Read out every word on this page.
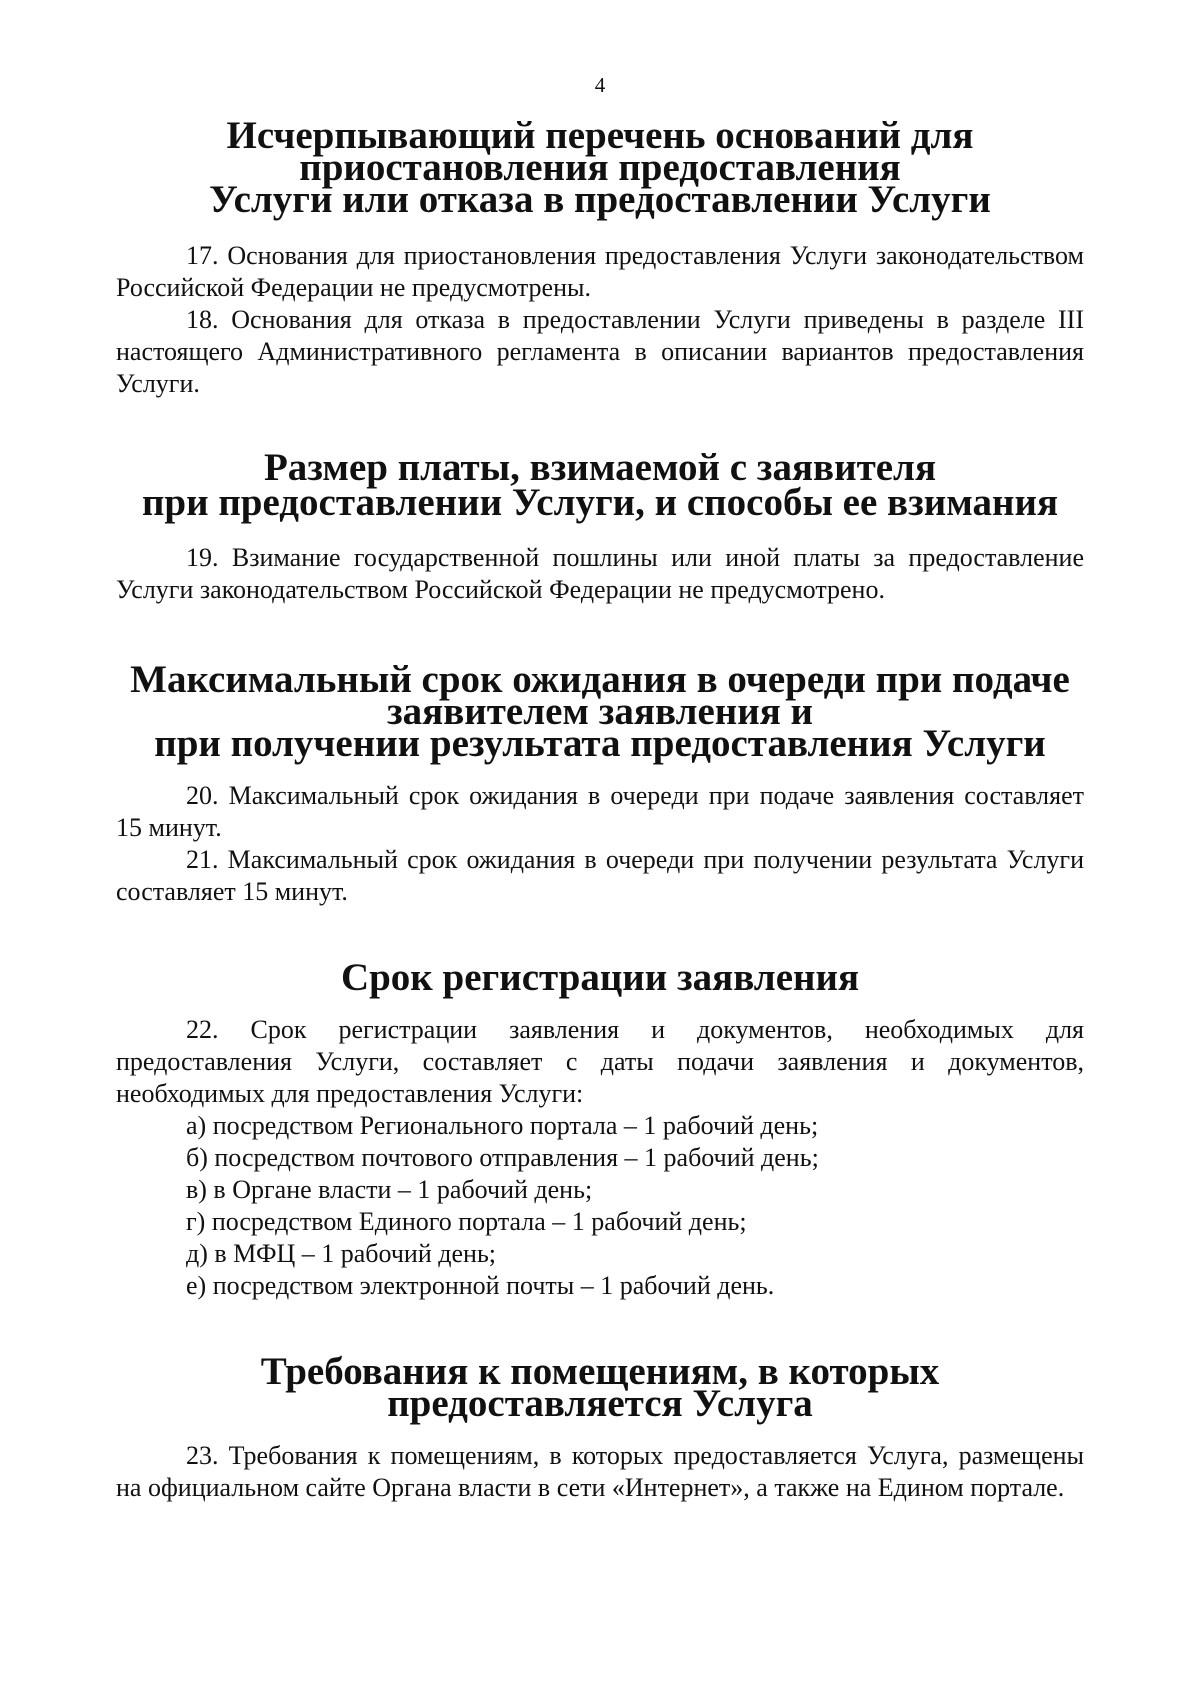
4
Исчерпывающий перечень оснований для приостановления предоставления
Услуги или отказа в предоставлении Услуги

17. Основания для приостановления предоставления Услуги законодательством Российской Федерации не предусмотрены.

18. Основания для отказа в предоставлении Услуги приведены в разделе III настоящего Административного регламента в описании вариантов предоставления Услуги.

Размер платы, взимаемой с заявителя
при предоставлении Услуги, и способы ее взимания

19. Взимание государственной пошлины или иной платы за предоставление Услуги законодательством Российской Федерации не предусмотрено.

Максимальный срок ожидания в очереди при подаче заявителем заявления и
при получении результата предоставления Услуги

20. Максимальный срок ожидания в очереди при подаче заявления составляет 15 минут.

21. Максимальный срок ожидания в очереди при получении результата Услуги составляет 15 минут.

Срок регистрации заявления

22. Срок регистрации заявления и документов, необходимых для предоставления Услуги, составляет с даты подачи заявления и документов, необходимых для предоставления Услуги:

а) посредством Регионального портала – 1 рабочий день;

б) посредством почтового отправления – 1 рабочий день;

в) в Органе власти – 1 рабочий день;

г) посредством Единого портала – 1 рабочий день;

д) в МФЦ – 1 рабочий день;

е) посредством электронной почты – 1 рабочий день.

Требования к помещениям, в которых предоставляется Услуга

23. Требования к помещениям, в которых предоставляется Услуга, размещены на официальном сайте Органа власти в сети «Интернет», а также на Едином портале.
